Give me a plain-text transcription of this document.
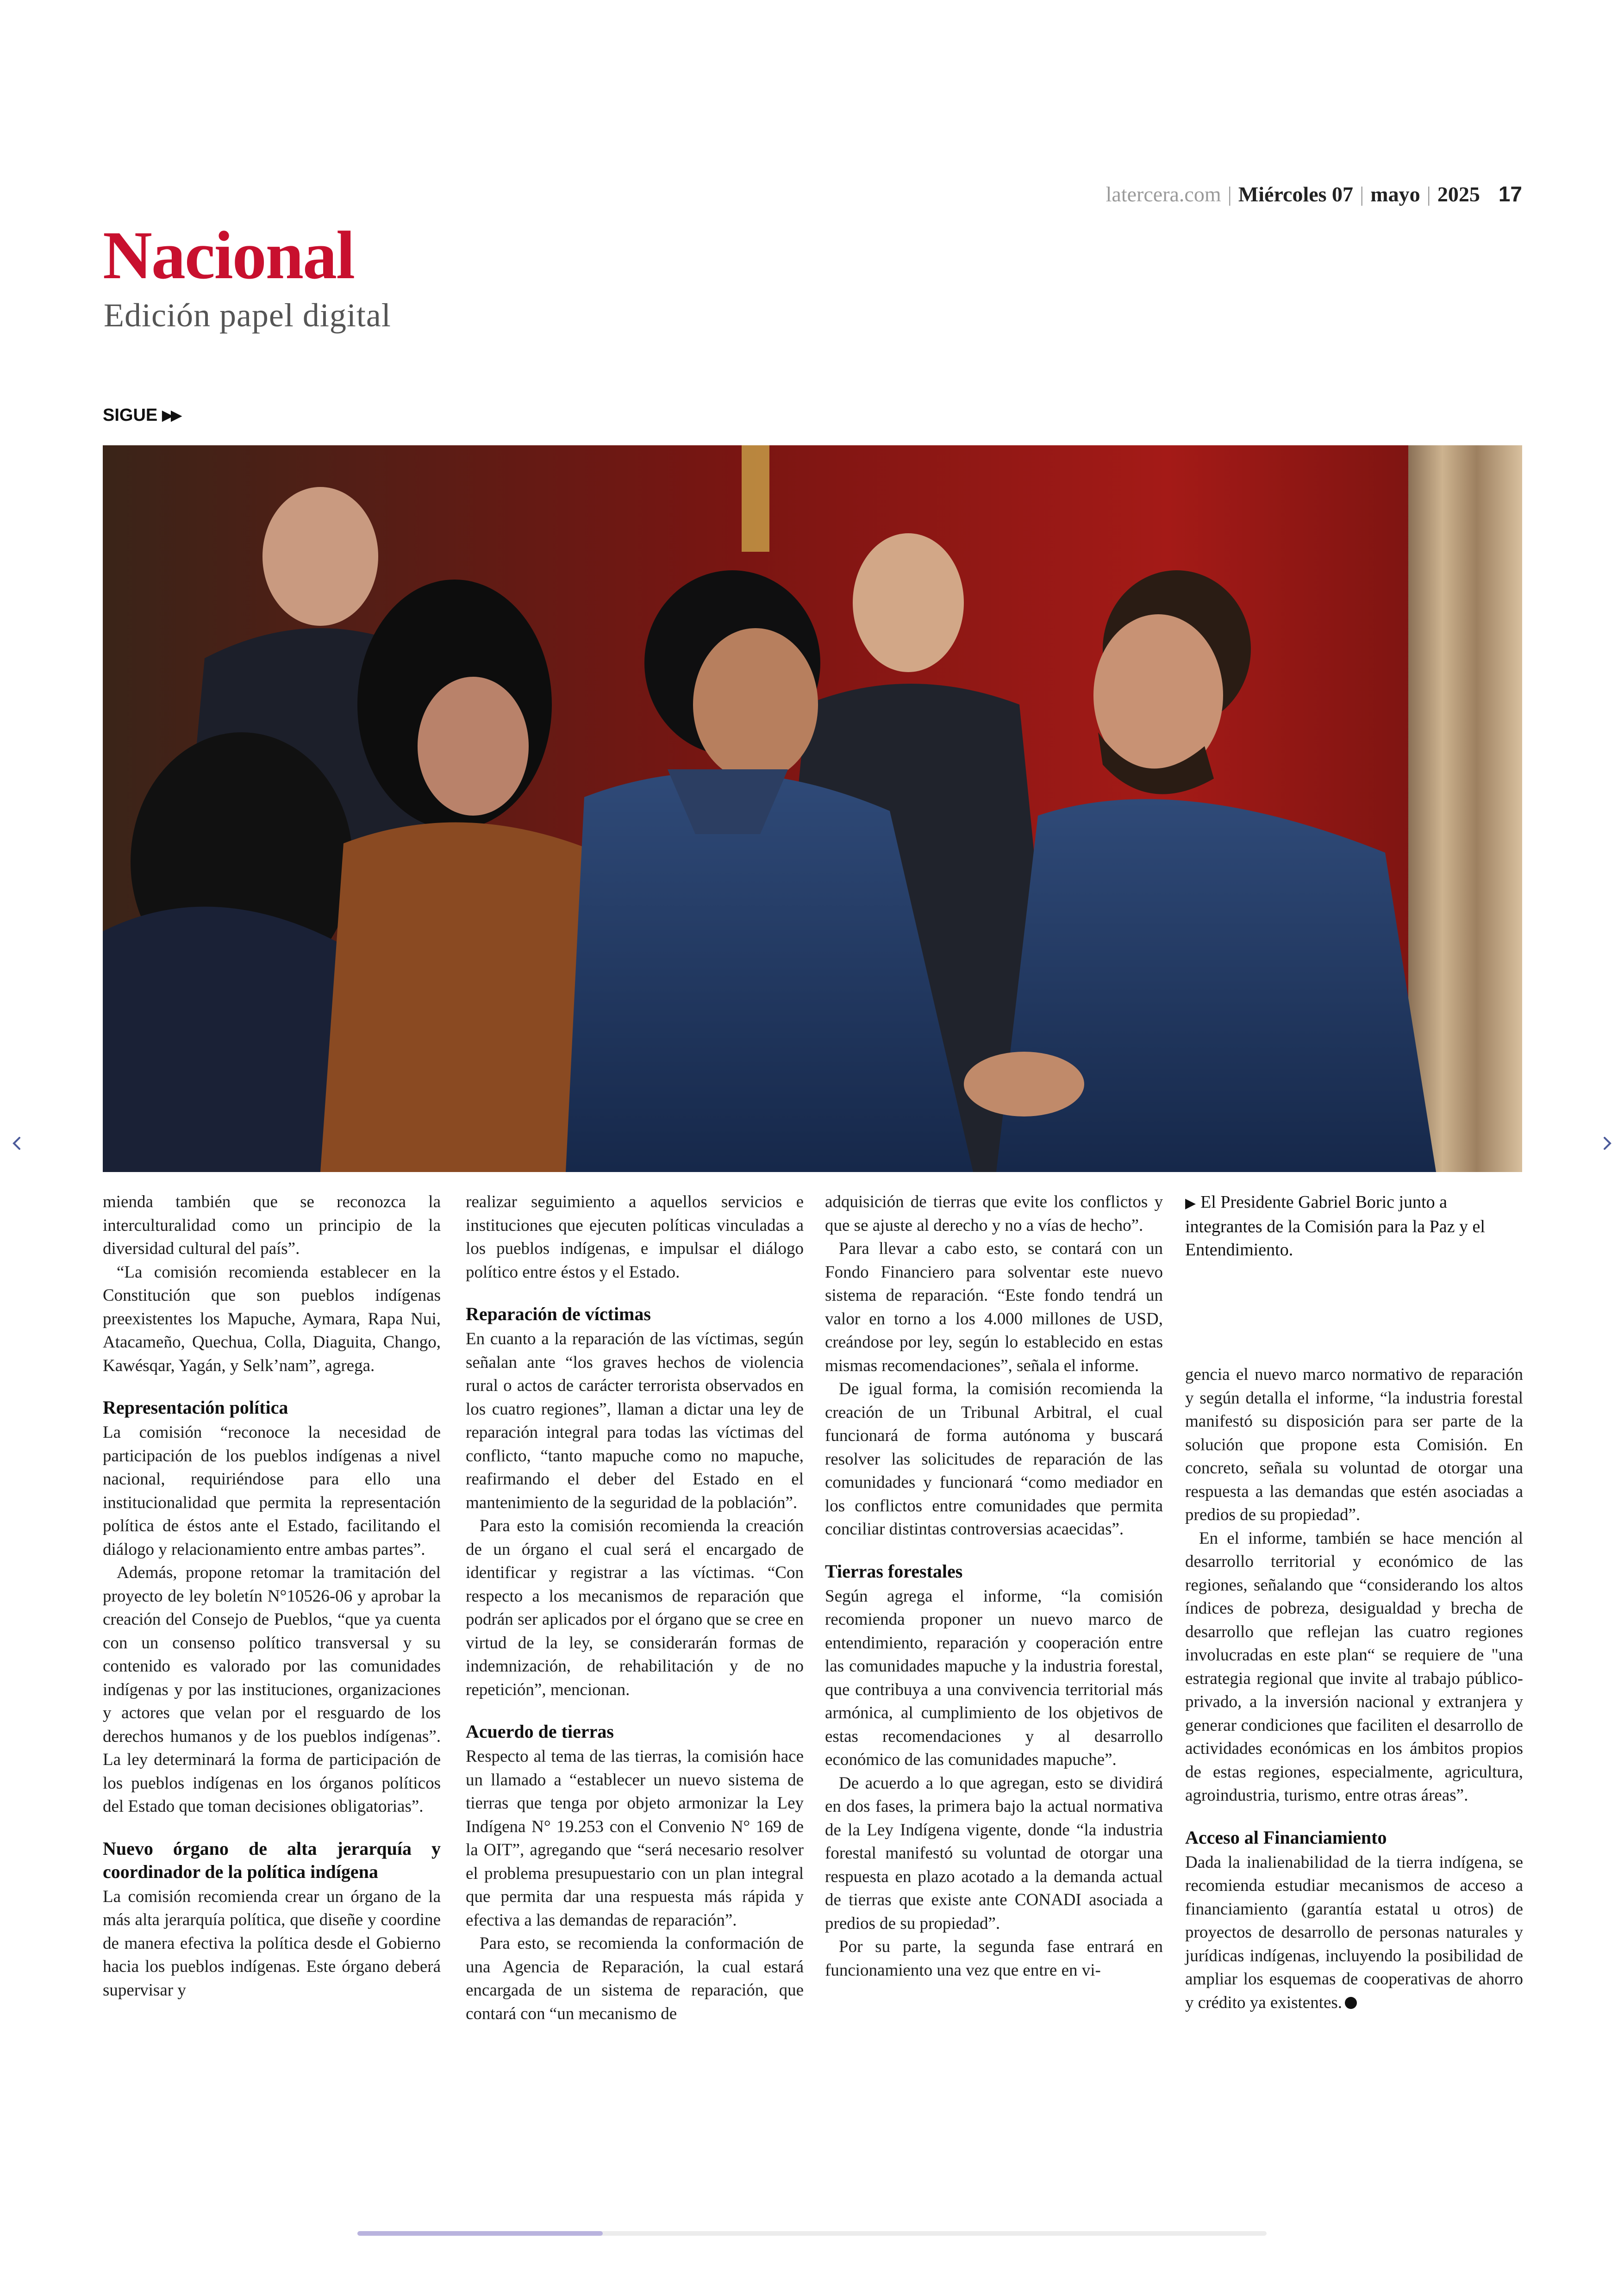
latercera.com | Miércoles 07 | mayo | 2025 17
Nacional
Edición papel digital
SIGUE ▶▶

mienda también que se reconozca la interculturalidad como un principio de la diversidad cultural del país”.

“La comisión recomienda establecer en la Constitución que son pueblos indígenas preexistentes los Mapuche, Aymara, Rapa Nui, Atacameño, Quechua, Colla, Diaguita, Chango, Kawésqar, Yagán, y Selk’nam”, agrega.

Representación política

La comisión “reconoce la necesidad de participación de los pueblos indígenas a nivel nacional, requiriéndose para ello una institucionalidad que permita la representación política de éstos ante el Estado, facilitando el diálogo y relacionamiento entre ambas partes”.

Además, propone retomar la tramitación del proyecto de ley boletín N°10526-06 y aprobar la creación del Consejo de Pueblos, “que ya cuenta con un consenso político transversal y su contenido es valorado por las comunidades indígenas y por las instituciones, organizaciones y actores que velan por el resguardo de los derechos humanos y de los pueblos indígenas”. La ley determinará la forma de participación de los pueblos indígenas en los órganos políticos del Estado que toman decisiones obligatorias”.

Nuevo órgano de alta jerarquía y coordinador de la política indígena

La comisión recomienda crear un órgano de la más alta jerarquía política, que diseñe y coordine de manera efectiva la política desde el Gobierno hacia los pueblos indígenas. Este órgano deberá supervisar y

realizar seguimiento a aquellos servicios e instituciones que ejecuten políticas vinculadas a los pueblos indígenas, e impulsar el diálogo político entre éstos y el Estado.

Reparación de víctimas

En cuanto a la reparación de las víctimas, según señalan ante “los graves hechos de violencia rural o actos de carácter terrorista observados en los cuatro regiones”, llaman a dictar una ley de reparación integral para todas las víctimas del conflicto, “tanto mapuche como no mapuche, reafirmando el deber del Estado en el mantenimiento de la seguridad de la población”.

Para esto la comisión recomienda la creación de un órgano el cual será el encargado de identificar y registrar a las víctimas. “Con respecto a los mecanismos de reparación que podrán ser aplicados por el órgano que se cree en virtud de la ley, se considerarán formas de indemnización, de rehabilitación y de no repetición”, mencionan.

Acuerdo de tierras

Respecto al tema de las tierras, la comisión hace un llamado a “establecer un nuevo sistema de tierras que tenga por objeto armonizar la Ley Indígena N° 19.253 con el Convenio N° 169 de la OIT”, agregando que “será necesario resolver el problema presupuestario con un plan integral que permita dar una respuesta más rápida y efectiva a las demandas de reparación”.

Para esto, se recomienda la conformación de una Agencia de Reparación, la cual estará encargada de un sistema de reparación, que contará con “un mecanismo de

adquisición de tierras que evite los conflictos y que se ajuste al derecho y no a vías de hecho”.

Para llevar a cabo esto, se contará con un Fondo Financiero para solventar este nuevo sistema de reparación. “Este fondo tendrá un valor en torno a los 4.000 millones de USD, creándose por ley, según lo establecido en estas mismas recomendaciones”, señala el informe.

De igual forma, la comisión recomienda la creación de un Tribunal Arbitral, el cual funcionará de forma autónoma y buscará resolver las solicitudes de reparación de las comunidades y funcionará “como mediador en los conflictos entre comunidades que permita conciliar distintas controversias acaecidas”.

Tierras forestales

Según agrega el informe, “la comisión recomienda proponer un nuevo marco de entendimiento, reparación y cooperación entre las comunidades mapuche y la industria forestal, que contribuya a una convivencia territorial más armónica, al cumplimiento de los objetivos de estas recomendaciones y al desarrollo económico de las comunidades mapuche”.

De acuerdo a lo que agregan, esto se dividirá en dos fases, la primera bajo la actual normativa de la Ley Indígena vigente, donde “la industria forestal manifestó su voluntad de otorgar una respuesta en plazo acotado a la demanda actual de tierras que existe ante CONADI asociada a predios de su propiedad”.

Por su parte, la segunda fase entrará en funcionamiento una vez que entre en vi-

▶ El Presidente Gabriel Boric junto a integrantes de la Comisión para la Paz y el Entendimiento.

gencia el nuevo marco normativo de reparación y según detalla el informe, “la industria forestal manifestó su disposición para ser parte de la solución que propone esta Comisión. En concreto, señala su voluntad de otorgar una respuesta a las demandas que estén asociadas a predios de su propiedad”.

En el informe, también se hace mención al desarrollo territorial y económico de las regiones, señalando que “considerando los altos índices de pobreza, desigualdad y brecha de desarrollo que reflejan las cuatro regiones involucradas en este plan“ se requiere de "una estrategia regional que invite al trabajo público-privado, a la inversión nacional y extranjera y generar condiciones que faciliten el desarrollo de actividades económicas en los ámbitos propios de estas regiones, especialmente, agricultura, agroindustria, turismo, entre otras áreas”.

Acceso al Financiamiento

Dada la inalienabilidad de la tierra indígena, se recomienda estudiar mecanismos de acceso a financiamiento (garantía estatal u otros) de proyectos de desarrollo de personas naturales y jurídicas indígenas, incluyendo la posibilidad de ampliar los esquemas de cooperativas de ahorro y crédito ya existentes.
